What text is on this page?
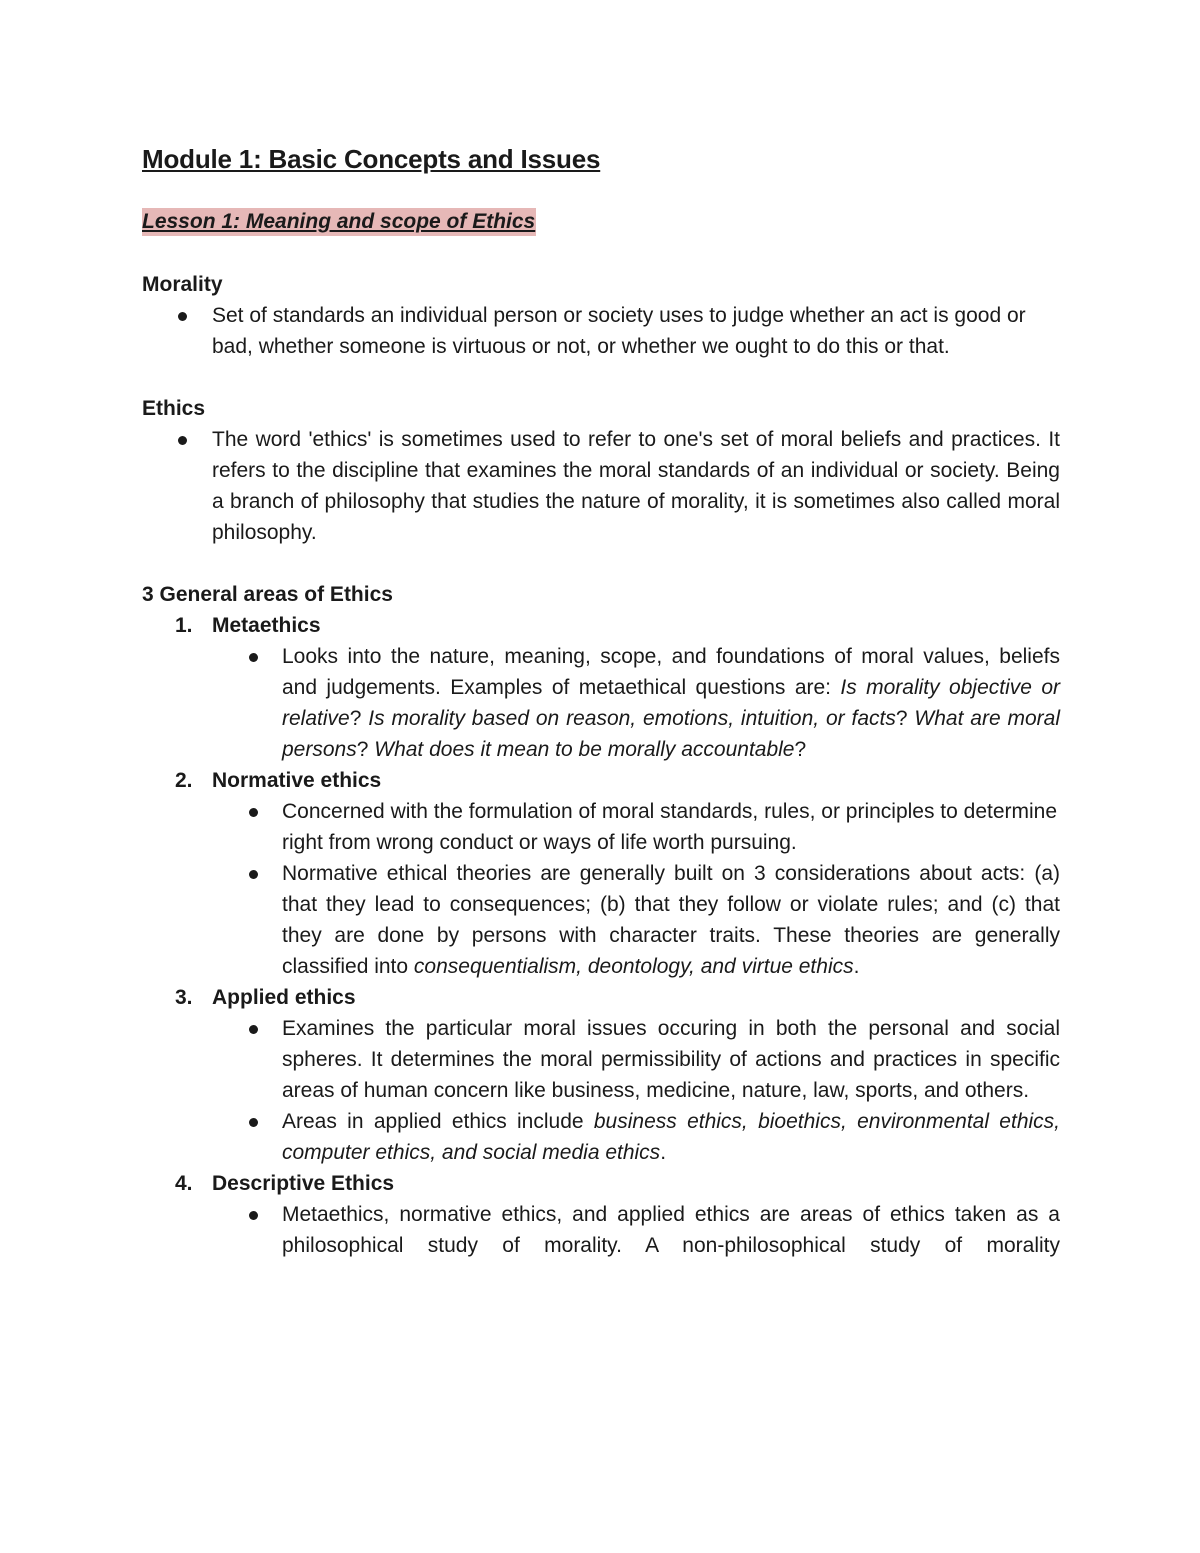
Module 1: Basic Concepts and Issues
Lesson 1: Meaning and scope of Ethics
Morality
Set of standards an individual person or society uses to judge whether an act is good or bad, whether someone is virtuous or not, or whether we ought to do this or that.
Ethics
The word 'ethics' is sometimes used to refer to one's set of moral beliefs and practices. It refers to the discipline that examines the moral standards of an individual or society. Being a branch of philosophy that studies the nature of morality, it is sometimes also called moral philosophy.
3 General areas of Ethics
1. Metaethics
Looks into the nature, meaning, scope, and foundations of moral values, beliefs and judgements. Examples of metaethical questions are: Is morality objective or relative? Is morality based on reason, emotions, intuition, or facts? What are moral persons? What does it mean to be morally accountable?
2. Normative ethics
Concerned with the formulation of moral standards, rules, or principles to determine right from wrong conduct or ways of life worth pursuing.
Normative ethical theories are generally built on 3 considerations about acts: (a) that they lead to consequences; (b) that they follow or violate rules; and (c) that they are done by persons with character traits. These theories are generally classified into consequentialism, deontology, and virtue ethics.
3. Applied ethics
Examines the particular moral issues occuring in both the personal and social spheres. It determines the moral permissibility of actions and practices in specific areas of human concern like business, medicine, nature, law, sports, and others.
Areas in applied ethics include business ethics, bioethics, environmental ethics, computer ethics, and social media ethics.
4. Descriptive Ethics
Metaethics, normative ethics, and applied ethics are areas of ethics taken as a philosophical study of morality. A non-philosophical study of morality
